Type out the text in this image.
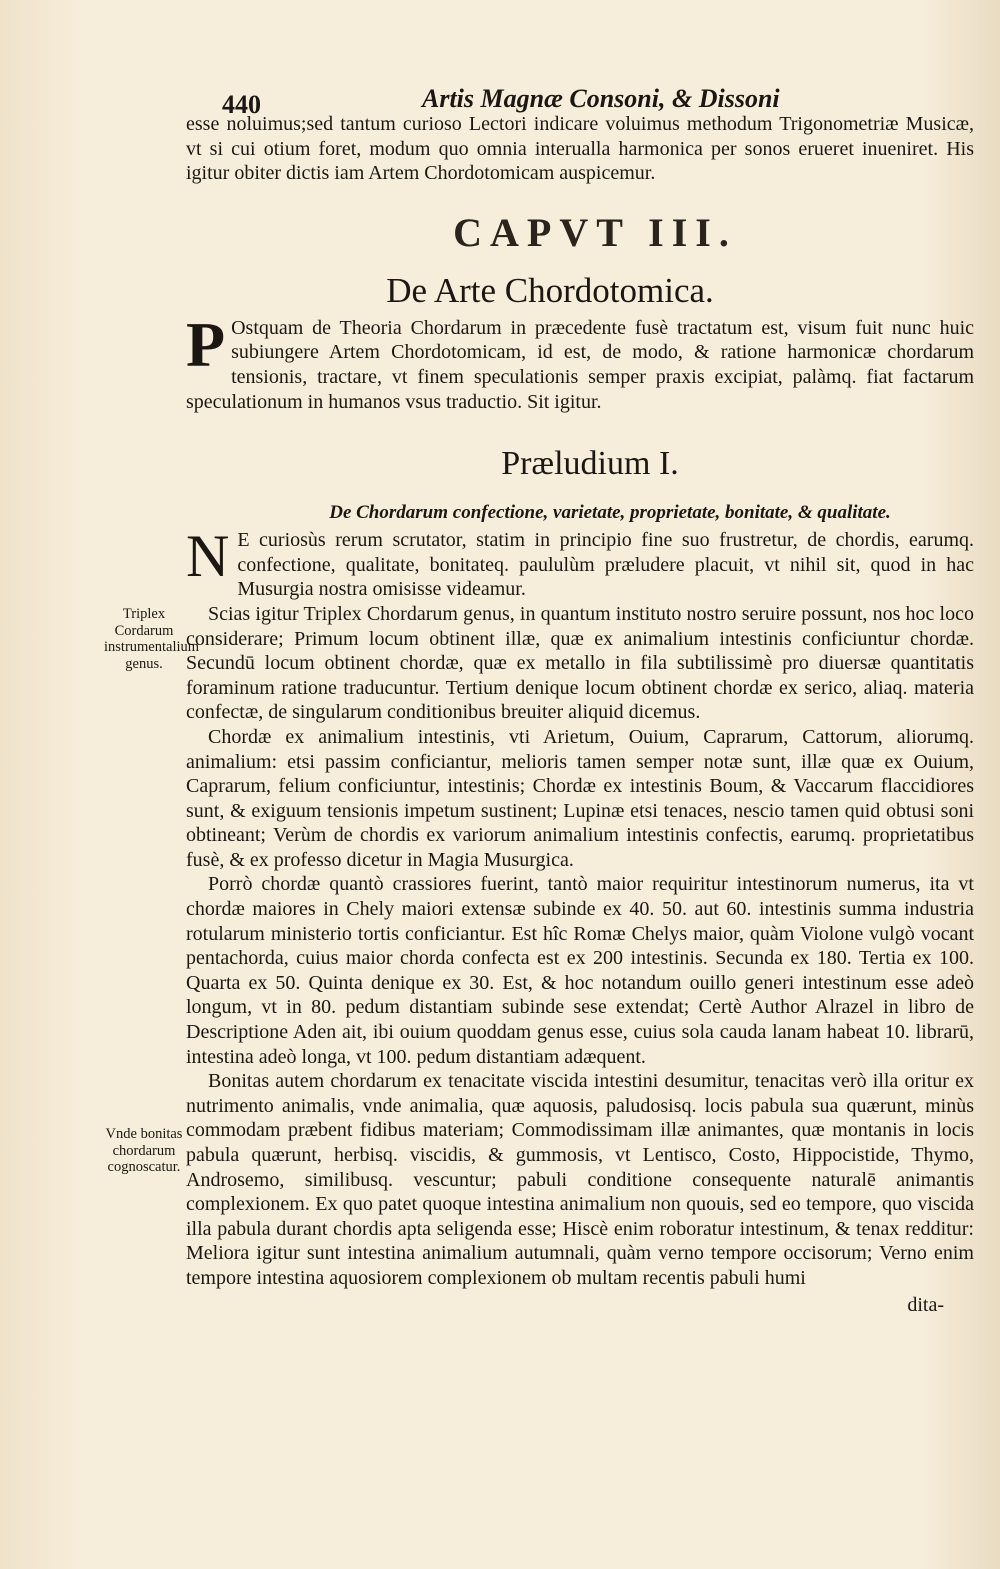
440	Artis Magnæ Consoni, & Dissoni

esse noluimus;sed tantum curioso Lectori indicare voluimus methodum Trigonometriæ Musicæ, vt si cui otium foret, modum quo omnia interualla harmonica per sonos erueret inueniret. His igitur obiter dictis iam Artem Chordotomicam auspicemur.

CAPVT III.
De Arte Chordotomica.

P Ostquam de Theoria Chordarum in præcedente fusè tractatum est, visum fuit nunc huic subiungere Artem Chordotomicam, id est, de modo, & ratione harmonicæ chordarum tensionis, tractare, vt finem speculationis semper praxis excipiat, palàmq. fiat factarum speculationum in humanos vsus traductio. Sit igitur.

Præludium I.
De Chordarum confectione, varietate, proprietate, bonitate, & qualitate.

N E curiosùs rerum scrutator, statim in principio fine suo frustretur, de chordis, earumq. confectione, qualitate, bonitateq. paululùm præludere placuit, vt nihil sit, quod in hac Musurgia nostra omisisse videamur.

Scias igitur Triplex Chordarum genus, in quantum instituto nostro seruire possunt, nos hoc loco considerare; Primum locum obtinent illæ, quæ ex animalium intestinis conficiuntur chordæ. Secundū locum obtinent chordæ, quæ ex metallo in fila subtilissimè pro diuersæ quantitatis foraminum ratione traducuntur. Tertium denique locum obtinent chordæ ex serico, aliaq. materia confectæ, de singularum conditionibus breuiter aliquid dicemus.

Chordæ ex animalium intestinis, vti Arietum, Ouium, Caprarum, Cattorum, aliorumq. animalium: etsi passim conficiantur, melioris tamen semper notæ sunt, illæ quæ ex Ouium, Caprarum, felium conficiuntur, intestinis; Chordæ ex intestinis Boum, & Vaccarum flaccidiores sunt, & exiguum tensionis impetum sustinent; Lupinæ etsi tenaces, nescio tamen quid obtusi soni obtineant; Verùm de chordis ex variorum animalium intestinis confectis, earumq. proprietatibus fusè, & ex professo dicetur in Magia Musurgica.

Porrò chordæ quantò crassiores fuerint, tantò maior requiritur intestinorum numerus, ita vt chordæ maiores in Chely maiori extensæ subinde ex 40. 50. aut 60. intestinis summa industria rotularum ministerio tortis conficiantur. Est hîc Romæ Chelys maior, quàm Violone vulgò vocant pentachorda, cuius maior chorda confecta est ex 200 intestinis. Secunda ex 180. Tertia ex 100. Quarta ex 50. Quinta denique ex 30. Est, & hoc notandum ouillo generi intestinum esse adeò longum, vt in 80. pedum distantiam subinde sese extendat; Certè Author Alrazel in libro de Descriptione Aden ait, ibi ouium quoddam genus esse, cuius sola cauda lanam habeat 10. librarū, intestina adeò longa, vt 100. pedum distantiam adæquent.

Bonitas autem chordarum ex tenacitate viscida intestini desumitur, tenacitas verò illa oritur ex nutrimento animalis, vnde animalia, quæ aquosis, paludosisq. locis pabula sua quærunt, minùs commodam præbent fidibus materiam; Commodissimam illæ animantes, quæ montanis in locis pabula quærunt, herbisq. viscidis, & gummosis, vt Lentisco, Costo, Hippocistide, Thymo, Androsemo, similibusq. vescuntur; pabuli conditione consequente naturalē animantis complexionem. Ex quo patet quoque intestina animalium non quouis, sed eo tempore, quo viscida illa pabula durant chordis apta seligenda esse; Hiscè enim roboratur intestinum, & tenax redditur: Meliora igitur sunt intestina animalium autumnali, quàm verno tempore occisorum; Verno enim tempore intestina aquosiorem complexionem ob multam recentis pabuli humi

dita-
Triplex Cordarum instrumentalium genus.
Vnde bonitas chordarum cognoscatur.
